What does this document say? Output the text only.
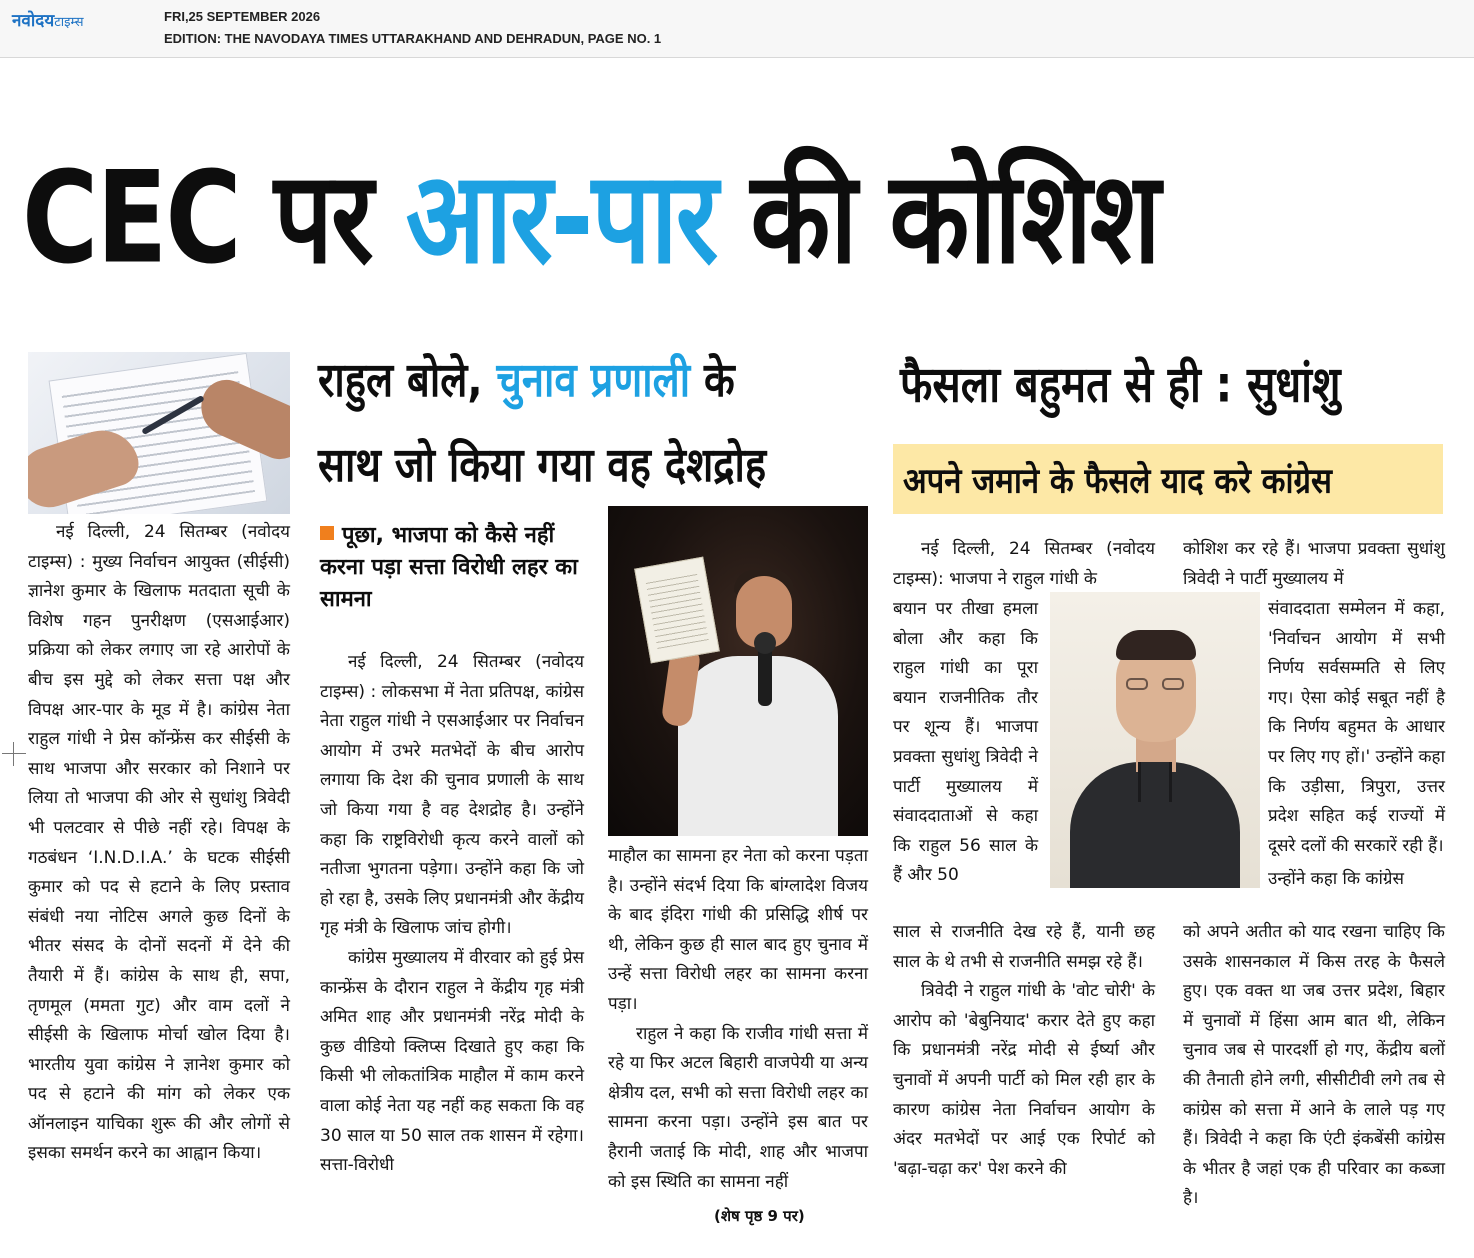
नवोदयटाइम्स	FRI,25 SEPTEMBER 2026
EDITION: THE NAVODAYA TIMES UTTARAKHAND AND DEHRADUN, PAGE NO. 1
CEC पर आर-पार की कोशिश

नई दिल्ली, 24 सितम्बर (नवोदय टाइम्स) : मुख्य निर्वाचन आयुक्त (सीईसी) ज्ञानेश कुमार के खिलाफ मतदाता सूची के विशेष गहन पुनरीक्षण (एसआईआर) प्रक्रिया को लेकर लगाए जा रहे आरोपों के बीच इस मुद्दे को लेकर सत्ता पक्ष और विपक्ष आर-पार के मूड में है। कांग्रेस नेता राहुल गांधी ने प्रेस कॉन्फ्रेंस कर सीईसी के साथ भाजपा और सरकार को निशाने पर लिया तो भाजपा की ओर से सुधांशु त्रिवेदी भी पलटवार से पीछे नहीं रहे। विपक्ष के गठबंधन ‘I.N.D.I.A.’ के घटक सीईसी कुमार को पद से हटाने के लिए प्रस्ताव संबंधी नया नोटिस अगले कुछ दिनों के भीतर संसद के दोनों सदनों में देने की तैयारी में हैं। कांग्रेस के साथ ही, सपा, तृणमूल (ममता गुट) और वाम दलों ने सीईसी के खिलाफ मोर्चा खोल दिया है। भारतीय युवा कांग्रेस ने ज्ञानेश कुमार को पद से हटाने की मांग को लेकर एक ऑनलाइन याचिका शुरू की और लोगों से इसका समर्थन करने का आह्वान किया।

राहुल बोले, चुनाव प्रणाली के
साथ जो किया गया वह देशद्रोह
पूछा, भाजपा को कैसे नहीं करना पड़ा सत्ता विरोधी लहर का सामना

नई दिल्ली, 24 सितम्बर (नवोदय टाइम्स) : लोकसभा में नेता प्रतिपक्ष, कांग्रेस नेता राहुल गांधी ने एसआईआर पर निर्वाचन आयोग में उभरे मतभेदों के बीच आरोप लगाया कि देश की चुनाव प्रणाली के साथ जो किया गया है वह देशद्रोह है। उन्होंने कहा कि राष्ट्रविरोधी कृत्य करने वालों को नतीजा भुगतना पड़ेगा। उन्होंने कहा कि जो हो रहा है, उसके लिए प्रधानमंत्री और केंद्रीय गृह मंत्री के खिलाफ जांच होगी।

कांग्रेस मुख्यालय में वीरवार को हुई प्रेस कान्फ्रेंस के दौरान राहुल ने केंद्रीय गृह मंत्री अमित शाह और प्रधानमंत्री नरेंद्र मोदी के कुछ वीडियो क्लिप्स दिखाते हुए कहा कि किसी भी लोकतांत्रिक माहौल में काम करने वाला कोई नेता यह नहीं कह सकता कि वह 30 साल या 50 साल तक शासन में रहेगा। सत्ता-विरोधी

माहौल का सामना हर नेता को करना पड़ता है। उन्होंने संदर्भ दिया कि बांग्लादेश विजय के बाद इंदिरा गांधी की प्रसिद्धि शीर्ष पर थी, लेकिन कुछ ही साल बाद हुए चुनाव में उन्हें सत्ता विरोधी लहर का सामना करना पड़ा।

राहुल ने कहा कि राजीव गांधी सत्ता में रहे या फिर अटल बिहारी वाजपेयी या अन्य क्षेत्रीय दल, सभी को सत्ता विरोधी लहर का सामना करना पड़ा। उन्होंने इस बात पर हैरानी जताई कि मोदी, शाह और भाजपा को इस स्थिति का सामना नहीं

(शेष पृष्ठ 9 पर)
फैसला बहुमत से ही : सुधांशु
अपने जमाने के फैसले याद करे कांग्रेस

नई दिल्ली, 24 सितम्बर (नवोदय टाइम्स): भाजपा ने राहुल गांधी के

बयान पर तीखा हमला बोला और कहा कि राहुल गांधी का पूरा बयान राजनीतिक तौर पर शून्य हैं। भाजपा प्रवक्ता सुधांशु त्रिवेदी ने पार्टी मुख्यालय में संवाददाताओं से कहा कि राहुल 56 साल के हैं और 50

साल से राजनीति देख रहे हैं, यानी छह साल के थे तभी से राजनीति समझ रहे हैं।

त्रिवेदी ने राहुल गांधी के 'वोट चोरी' के आरोप को 'बेबुनियाद' करार देते हुए कहा कि प्रधानमंत्री नरेंद्र मोदी से ईर्ष्या और चुनावों में अपनी पार्टी को मिल रही हार के कारण कांग्रेस नेता निर्वाचन आयोग के अंदर मतभेदों पर आई एक रिपोर्ट को 'बढ़ा-चढ़ा कर' पेश करने की

कोशिश कर रहे हैं। भाजपा प्रवक्ता सुधांशु त्रिवेदी ने पार्टी मुख्यालय में

संवाददाता सम्मेलन में कहा, 'निर्वाचन आयोग में सभी निर्णय सर्वसम्मति से लिए गए। ऐसा कोई सबूत नहीं है कि निर्णय बहुमत के आधार पर लिए गए हों।' उन्होंने कहा कि उड़ीसा, त्रिपुरा, उत्तर प्रदेश सहित कई राज्यों में दूसरे दलों की सरकारें रही हैं।

उन्होंने कहा कि कांग्रेस

को अपने अतीत को याद रखना चाहिए कि उसके शासनकाल में किस तरह के फैसले हुए। एक वक्त था जब उत्तर प्रदेश, बिहार में चुनावों में हिंसा आम बात थी, लेकिन चुनाव जब से पारदर्शी हो गए, केंद्रीय बलों की तैनाती होने लगी, सीसीटीवी लगे तब से कांग्रेस को सत्ता में आने के लाले पड़ गए हैं। त्रिवेदी ने कहा कि एंटी इंकबेंसी कांग्रेस के भीतर है जहां एक ही परिवार का कब्जा है।
